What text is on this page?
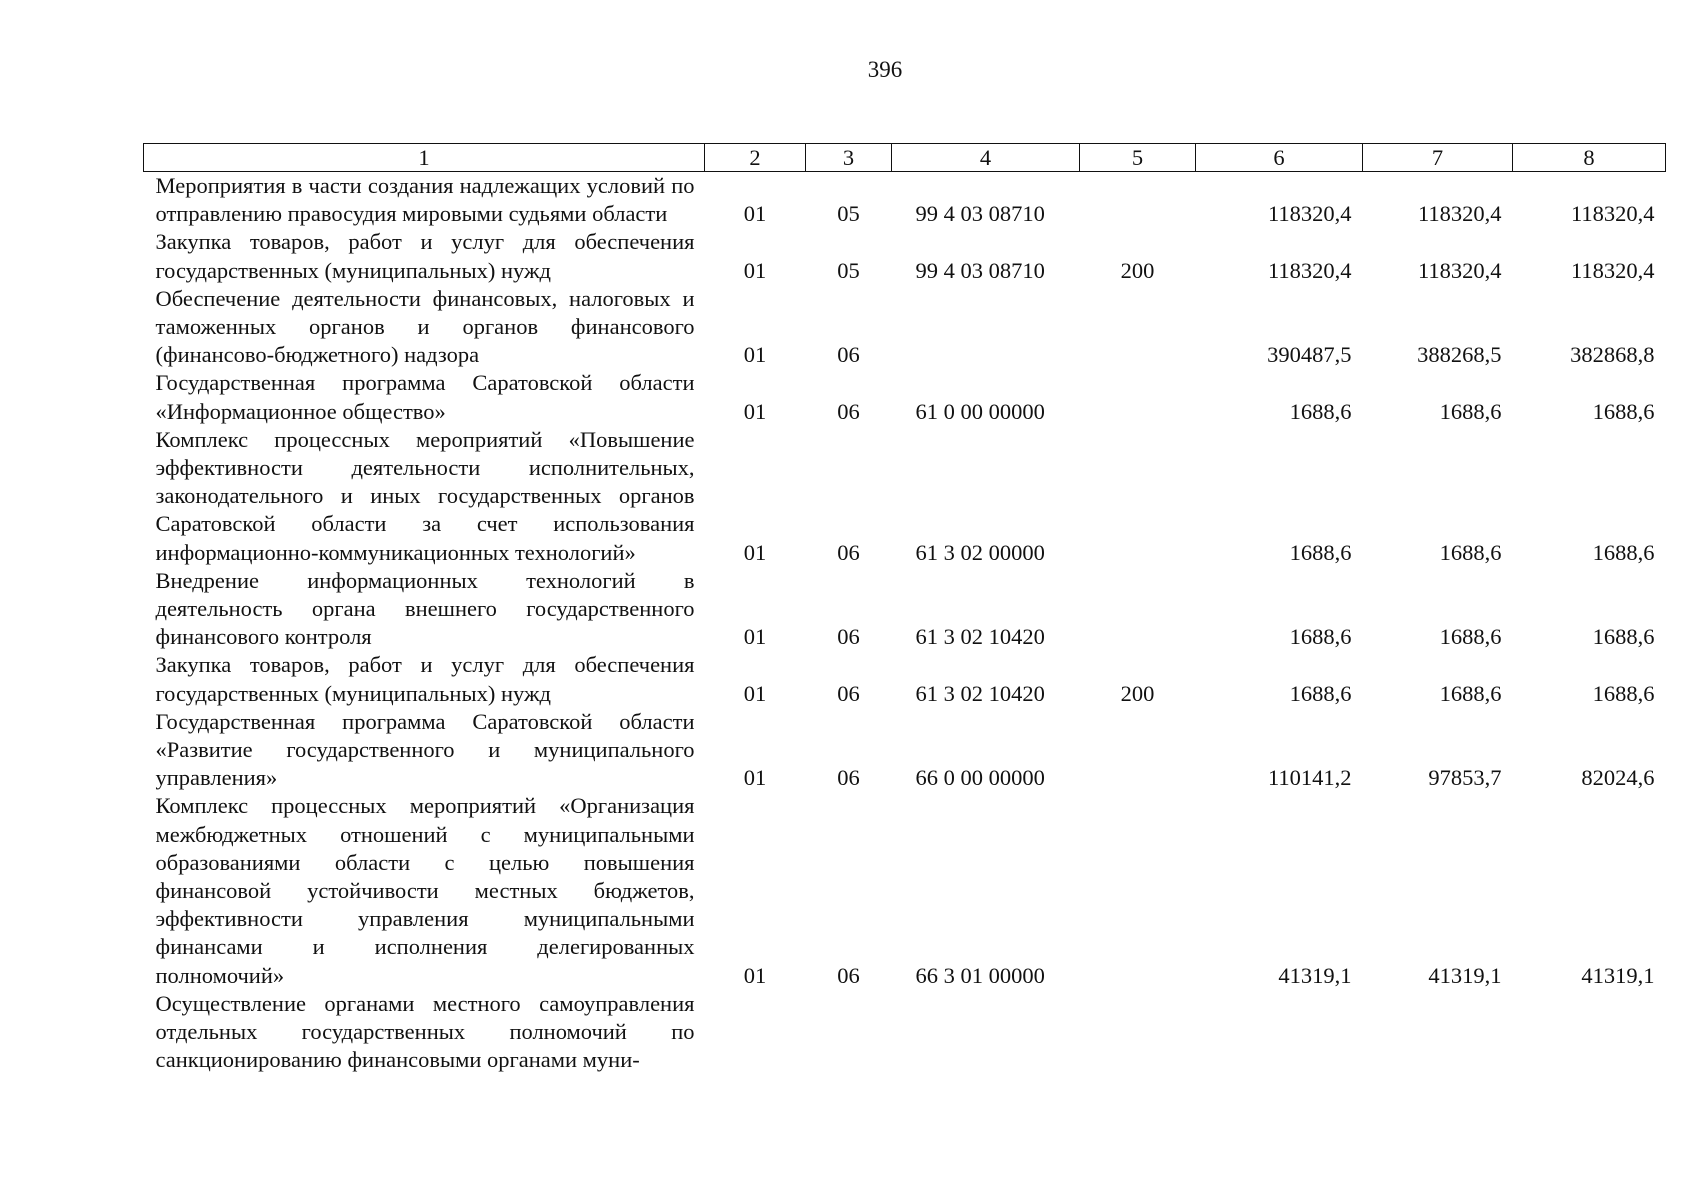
396
1	2	3	4	5	6	7	8
Мероприятия в части создания надлежащих условий по отправлению правосудия мировыми судьями области	01	05	99 4 03 08710		118320,4	118320,4	118320,4
Закупка товаров, работ и услуг для обеспечения государственных (муниципальных) нужд	01	05	99 4 03 08710	200	118320,4	118320,4	118320,4
Обеспечение деятельности финансовых, налоговых и таможенных органов и органов финансового (финансово-бюджетного) надзора	01	06			390487,5	388268,5	382868,8
Государственная программа Саратовской области «Информационное общество»	01	06	61 0 00 00000		1688,6	1688,6	1688,6
Комплекс процессных мероприятий «Повышение эффективности деятельности исполнительных, законодательного и иных государственных органов Саратовской области за счет использования информационно-коммуникационных технологий»	01	06	61 3 02 00000		1688,6	1688,6	1688,6
Внедрение информационных технологий в деятельность органа внешнего государственного финансового контроля	01	06	61 3 02 10420		1688,6	1688,6	1688,6
Закупка товаров, работ и услуг для обеспечения государственных (муниципальных) нужд	01	06	61 3 02 10420	200	1688,6	1688,6	1688,6
Государственная программа Саратовской области «Развитие государственного и муниципального управления»	01	06	66 0 00 00000		110141,2	97853,7	82024,6
Комплекс процессных мероприятий «Организация межбюджетных отношений с муниципальными образованиями области с целью повышения финансовой устойчивости местных бюджетов, эффективности управления муниципальными финансами и исполнения делегированных полномочий»	01	06	66 3 01 00000		41319,1	41319,1	41319,1
Осуществление органами местного самоуправления отдельных государственных полномочий по санкционированию финансовыми органами муни-							
